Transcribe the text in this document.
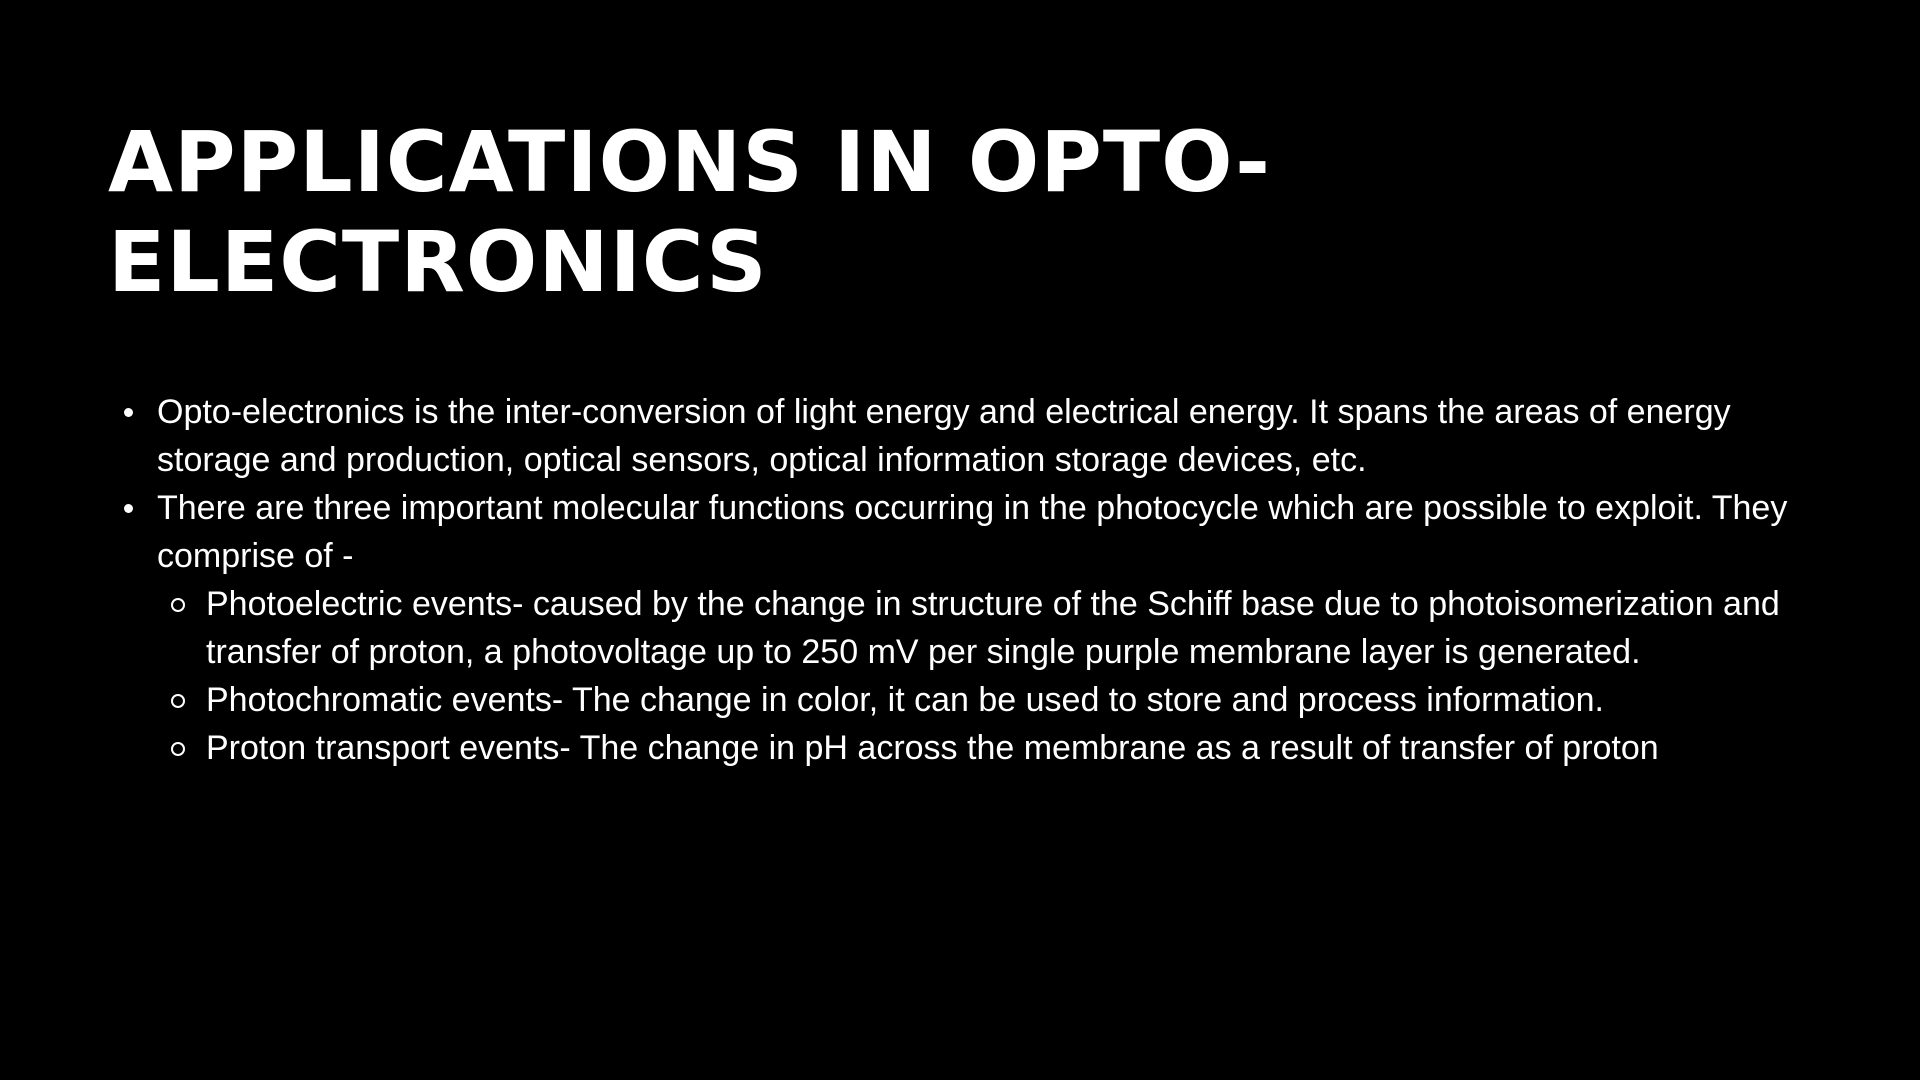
APPLICATIONS IN OPTO-
ELECTRONICS
Opto-electronics is the inter-conversion of light energy and electrical energy. It spans the areas of energy storage and production, optical sensors, optical information storage devices, etc.
There are three important molecular functions occurring in the photocycle which are possible to exploit. They comprise of -
Photoelectric events- caused by the change in structure of the Schiff base due to photoisomerization and transfer of proton, a photovoltage up to 250 mV per single purple membrane layer is generated.
Photochromatic events- The change in color, it can be used to store and process information.
Proton transport events- The change in pH across the membrane as a result of transfer of proton
